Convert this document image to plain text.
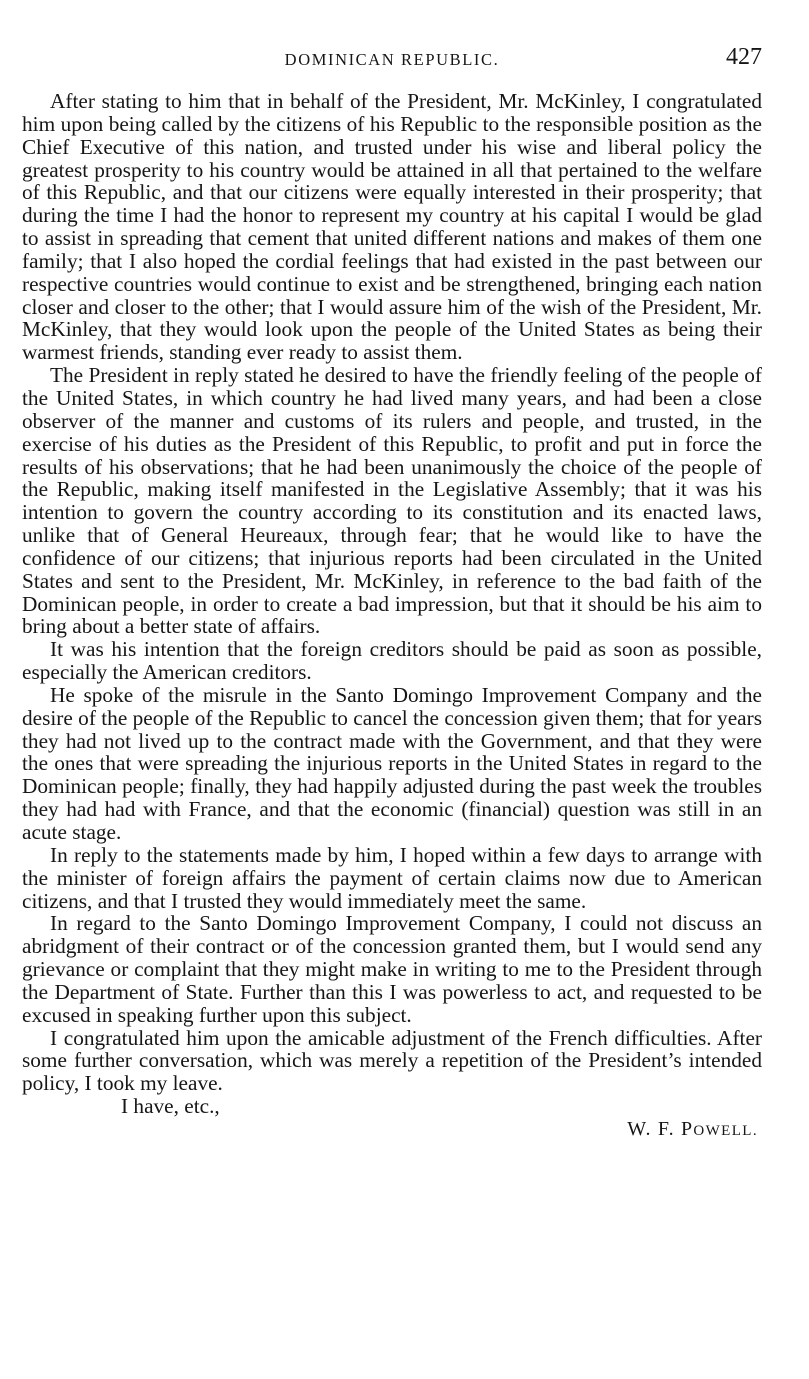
DOMINICAN REPUBLIC.	427

After stating to him that in behalf of the President, Mr. McKinley, I congratulated him upon being called by the citizens of his Republic to the responsible position as the Chief Executive of this nation, and trusted under his wise and liberal policy the greatest prosperity to his country would be attained in all that pertained to the welfare of this Republic, and that our citizens were equally interested in their prosperity; that during the time I had the honor to represent my country at his capital I would be glad to assist in spreading that cement that united different nations and makes of them one family; that I also hoped the cordial feelings that had existed in the past between our respective countries would continue to exist and be strengthened, bringing each nation closer and closer to the other; that I would assure him of the wish of the President, Mr. McKinley, that they would look upon the people of the United States as being their warmest friends, standing ever ready to assist them.

The President in reply stated he desired to have the friendly feeling of the people of the United States, in which country he had lived many years, and had been a close observer of the manner and customs of its rulers and people, and trusted, in the exercise of his duties as the President of this Republic, to profit and put in force the results of his observations; that he had been unanimously the choice of the people of the Republic, making itself manifested in the Legislative Assembly; that it was his intention to govern the country according to its constitution and its enacted laws, unlike that of General Heureaux, through fear; that he would like to have the confidence of our citizens; that injurious reports had been circulated in the United States and sent to the President, Mr. McKinley, in reference to the bad faith of the Dominican people, in order to create a bad impression, but that it should be his aim to bring about a better state of affairs.

It was his intention that the foreign creditors should be paid as soon as possible, especially the American creditors.

He spoke of the misrule in the Santo Domingo Improvement Company and the desire of the people of the Republic to cancel the concession given them; that for years they had not lived up to the contract made with the Government, and that they were the ones that were spreading the injurious reports in the United States in regard to the Dominican people; finally, they had happily adjusted during the past week the troubles they had had with France, and that the economic (financial) question was still in an acute stage.

In reply to the statements made by him, I hoped within a few days to arrange with the minister of foreign affairs the payment of certain claims now due to American citizens, and that I trusted they would immediately meet the same.

In regard to the Santo Domingo Improvement Company, I could not discuss an abridgment of their contract or of the concession granted them, but I would send any grievance or complaint that they might make in writing to me to the President through the Department of State. Further than this I was powerless to act, and requested to be excused in speaking further upon this subject.

I congratulated him upon the amicable adjustment of the French difficulties. After some further conversation, which was merely a repetition of the President’s intended policy, I took my leave.

I have, etc.,

W. F. POWELL.
